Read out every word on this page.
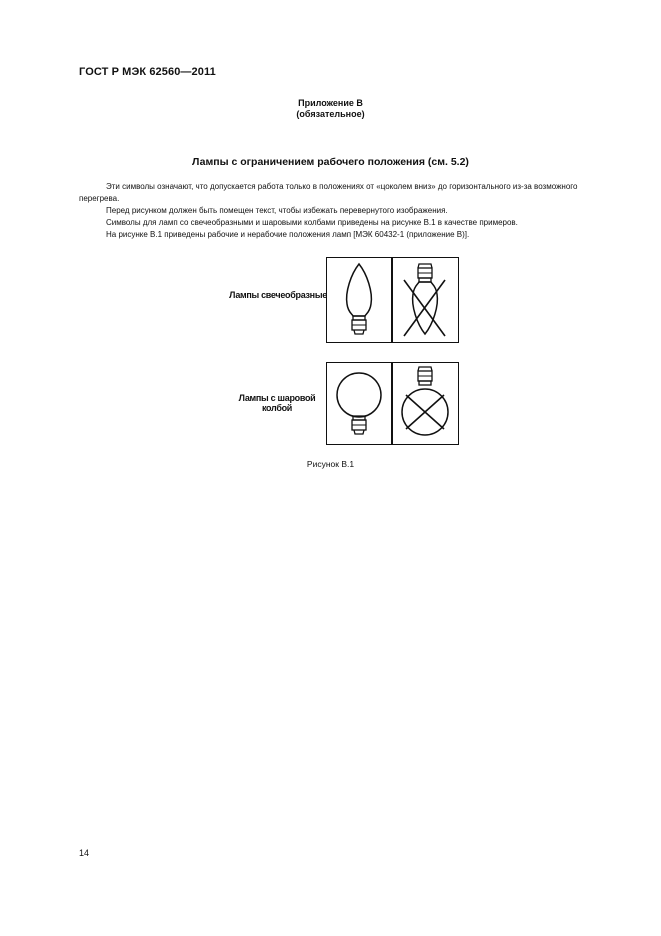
ГОСТ Р МЭК 62560—2011
Приложение В
(обязательное)
Лампы с ограничением рабочего положения (см. 5.2)
Эти символы означают, что допускается работа только в положениях от «цоколем вниз» до горизонтального из-за возможного перегрева.
Перед рисунком должен быть помещен текст, чтобы избежать перевернутого изображения.
Символы для ламп со свечеобразными и шаровыми колбами приведены на рисунке В.1 в качестве примеров.
На рисунке В.1 приведены рабочие и нерабочие положения ламп [МЭК 60432-1 (приложение В)].
Лампы свечеобразные
Лампы с шаровой колбой
Рисунок В.1
14
